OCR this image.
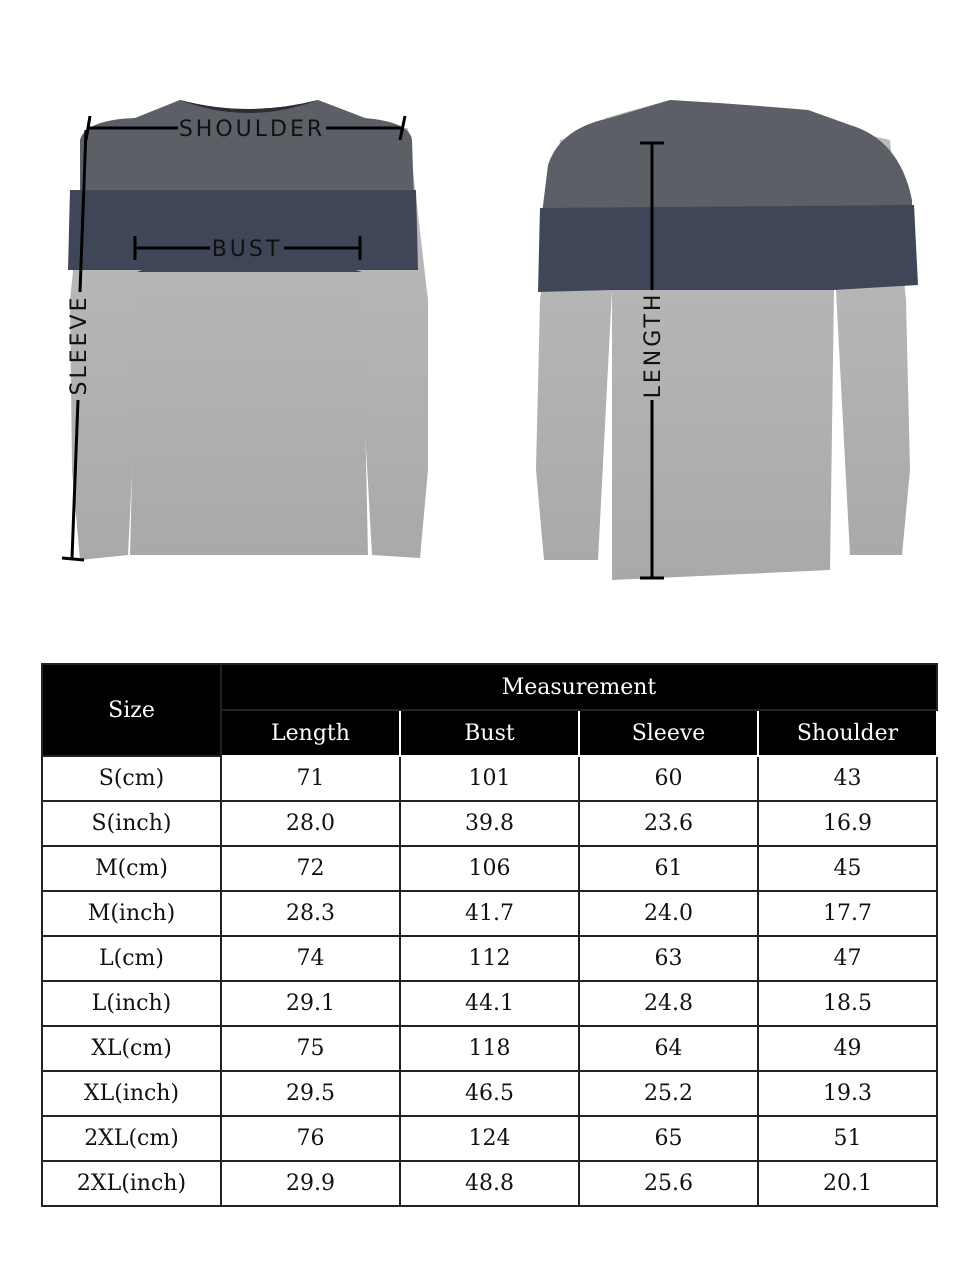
SHOULDER
BUST
SLEEVE	LENGTH
Size	Measurement			
	Length	Bust	Sleeve	Shoulder
S(cm)	71	101	60	43
S(inch)	28.0	39.8	23.6	16.9
M(cm)	72	106	61	45
M(inch)	28.3	41.7	24.0	17.7
L(cm)	74	112	63	47
L(inch)	29.1	44.1	24.8	18.5
XL(cm)	75	118	64	49
XL(inch)	29.5	46.5	25.2	19.3
2XL(cm)	76	124	65	51
2XL(inch)	29.9	48.8	25.6	20.1
